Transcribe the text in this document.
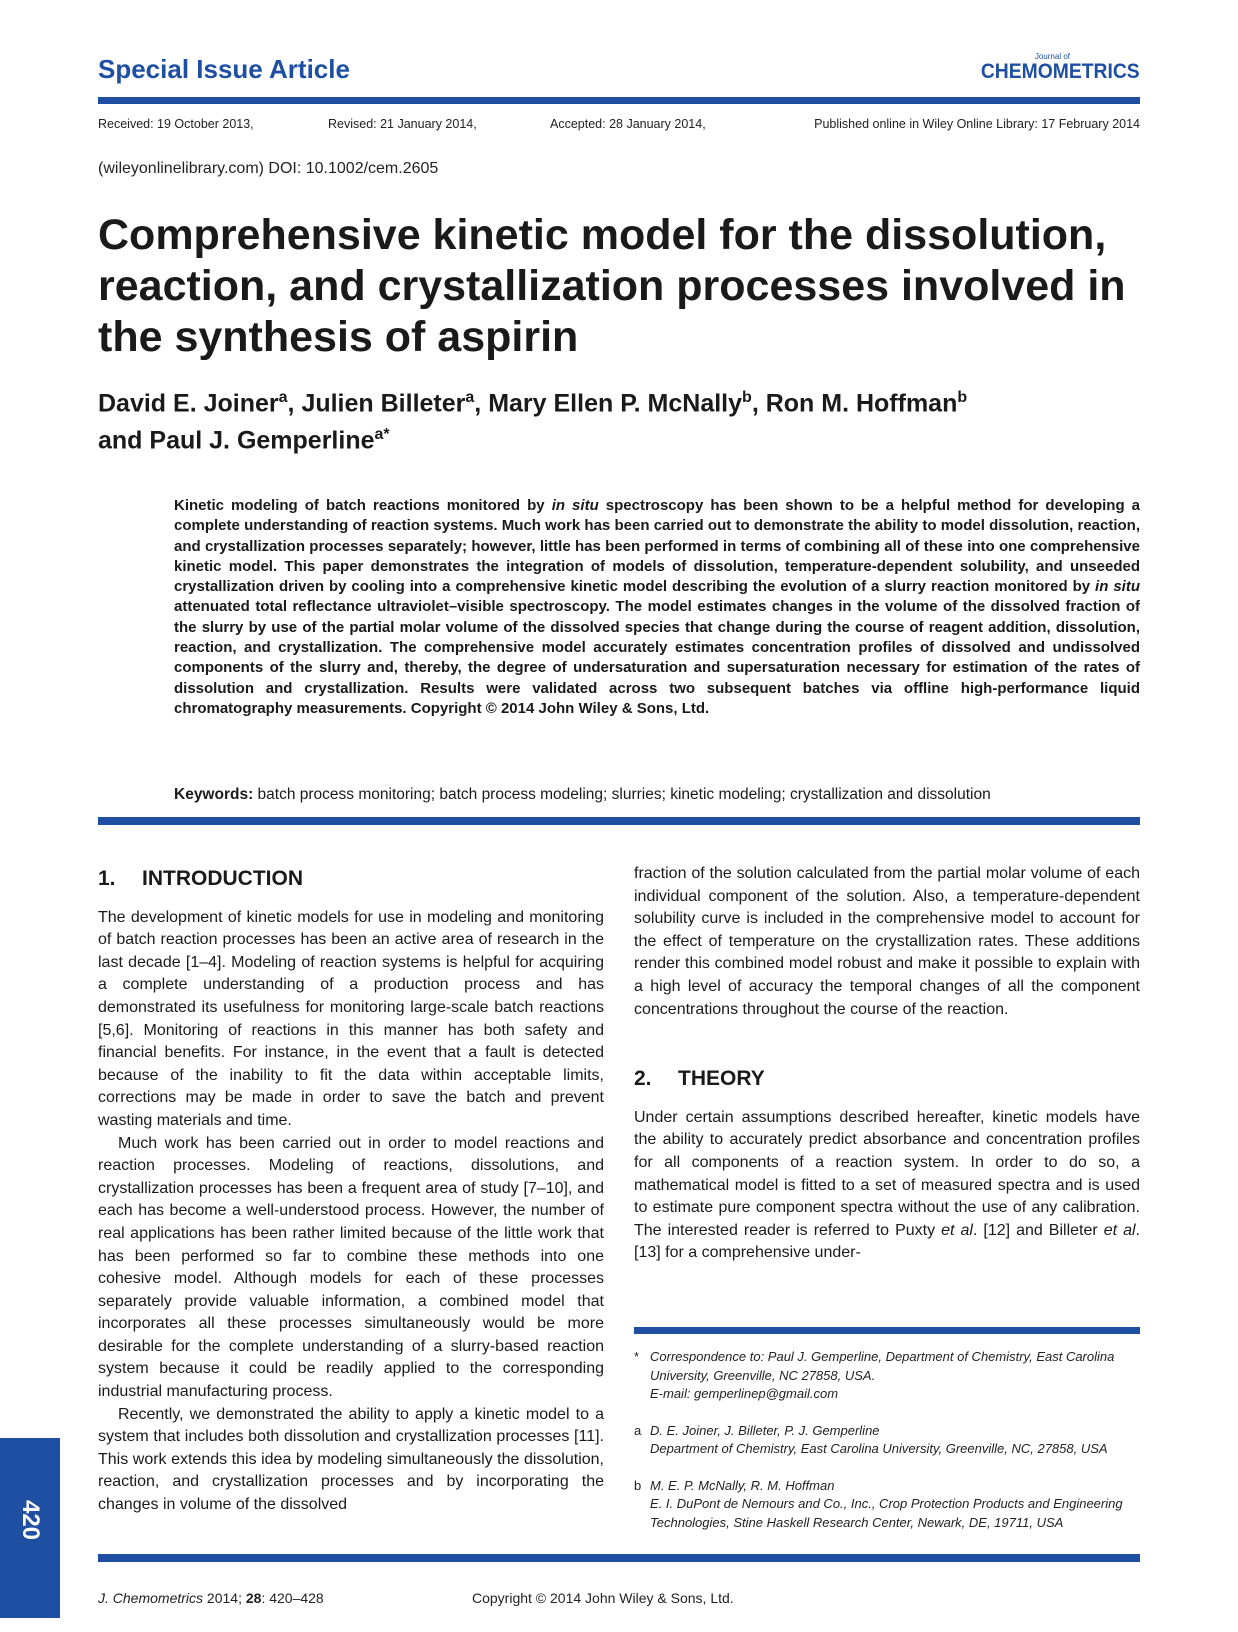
Special Issue Article	Journal of
CHEMOMETRICS
Received: 19 October 2013,	Revised: 21 January 2014,	Accepted: 28 January 2014,	Published online in Wiley Online Library: 17 February 2014
(wileyonlinelibrary.com) DOI: 10.1002/cem.2605
Comprehensive kinetic model for the dissolution, reaction, and crystallization processes involved in the synthesis of aspirin
David E. Joiner$^a$, Julien Billeter$^a$, Mary Ellen P. McNally$^b$, Ron M. Hoffman$^b$
and Paul J. Gemperline$^{a*}$
Kinetic modeling of batch reactions monitored by in situ spectroscopy has been shown to be a helpful method for developing a complete understanding of reaction systems. Much work has been carried out to demonstrate the ability to model dissolution, reaction, and crystallization processes separately; however, little has been performed in terms of combining all of these into one comprehensive kinetic model. This paper demonstrates the integration of models of dissolution, temperature-dependent solubility, and unseeded crystallization driven by cooling into a comprehensive kinetic model describing the evolution of a slurry reaction monitored by in situ attenuated total reflectance ultraviolet–visible spectroscopy. The model estimates changes in the volume of the dissolved fraction of the slurry by use of the partial molar volume of the dissolved species that change during the course of reagent addition, dissolution, reaction, and crystallization. The comprehensive model accurately estimates concentration profiles of dissolved and undissolved components of the slurry and, thereby, the degree of undersaturation and supersaturation necessary for estimation of the rates of dissolution and crystallization. Results were validated across two subsequent batches via offline high-performance liquid chromatography measurements. Copyright © 2014 John Wiley & Sons, Ltd.
Keywords: batch process monitoring; batch process modeling; slurries; kinetic modeling; crystallization and dissolution

1. INTRODUCTION

The development of kinetic models for use in modeling and monitoring of batch reaction processes has been an active area of research in the last decade [1–4]. Modeling of reaction systems is helpful for acquiring a complete understanding of a production process and has demonstrated its usefulness for monitoring large-scale batch reactions [5,6]. Monitoring of reactions in this manner has both safety and financial benefits. For instance, in the event that a fault is detected because of the inability to fit the data within acceptable limits, corrections may be made in order to save the batch and prevent wasting materials and time.

Much work has been carried out in order to model reactions and reaction processes. Modeling of reactions, dissolutions, and crystallization processes has been a frequent area of study [7–10], and each has become a well-understood process. However, the number of real applications has been rather limited because of the little work that has been performed so far to combine these methods into one cohesive model. Although models for each of these processes separately provide valuable information, a combined model that incorporates all these processes simultaneously would be more desirable for the complete understanding of a slurry-based reaction system because it could be readily applied to the corresponding industrial manufacturing process.

Recently, we demonstrated the ability to apply a kinetic model to a system that includes both dissolution and crystallization processes [11]. This work extends this idea by modeling simultaneously the dissolution, reaction, and crystallization processes and by incorporating the changes in volume of the dissolved

fraction of the solution calculated from the partial molar volume of each individual component of the solution. Also, a temperature-dependent solubility curve is included in the comprehensive model to account for the effect of temperature on the crystallization rates. These additions render this combined model robust and make it possible to explain with a high level of accuracy the temporal changes of all the component concentrations throughout the course of the reaction.

2. THEORY

Under certain assumptions described hereafter, kinetic models have the ability to accurately predict absorbance and concentration profiles for all components of a reaction system. In order to do so, a mathematical model is fitted to a set of measured spectra and is used to estimate pure component spectra without the use of any calibration. The interested reader is referred to Puxty et al. [12] and Billeter et al. [13] for a comprehensive under-

* Correspondence to: Paul J. Gemperline, Department of Chemistry, East Carolina University, Greenville, NC 27858, USA.
E-mail: gemperlinep@gmail.com
a D. E. Joiner, J. Billeter, P. J. Gemperline
Department of Chemistry, East Carolina University, Greenville, NC, 27858, USA
b M. E. P. McNally, R. M. Hoffman
E. I. DuPont de Nemours and Co., Inc., Crop Protection Products and Engineering Technologies, Stine Haskell Research Center, Newark, DE, 19711, USA
420
J. Chemometrics 2014; 28: 420–428	Copyright © 2014 John Wiley & Sons, Ltd.
